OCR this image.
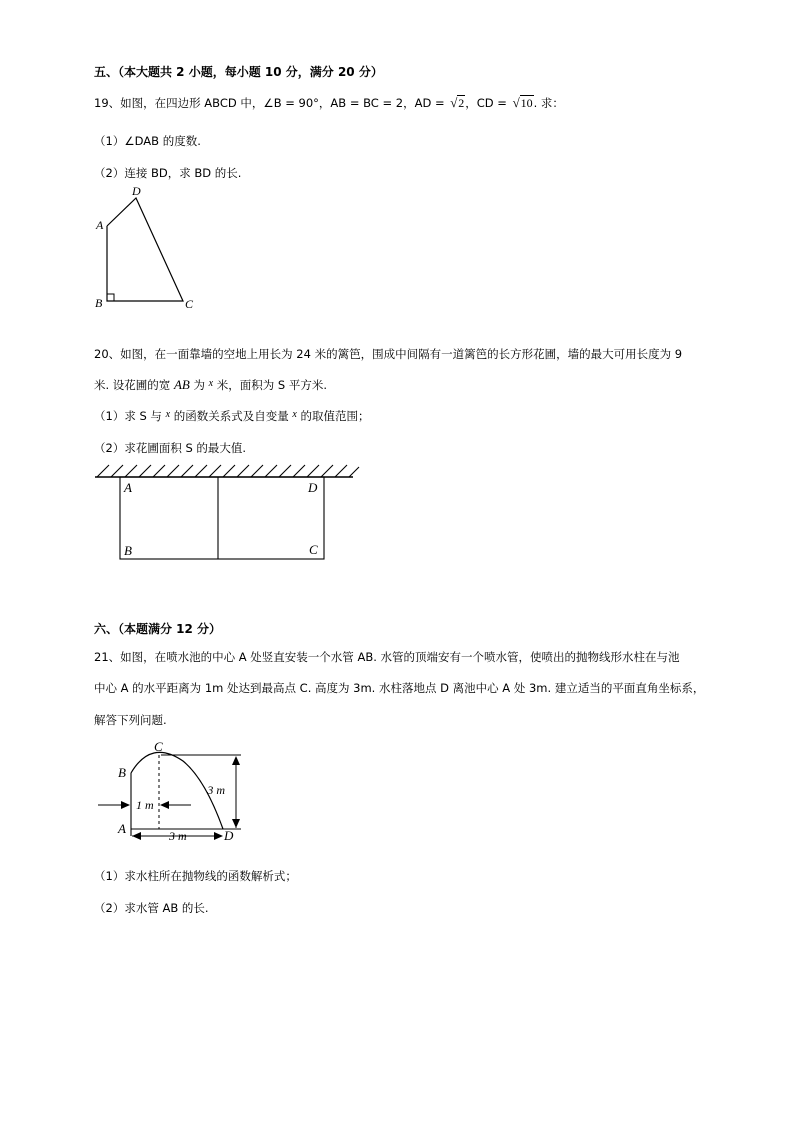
五、（本大题共 2 小题，每小题 10 分，满分 20 分）
19、如图，在四边形 ABCD 中，∠B = 90°，AB = BC = 2，AD = √ 2，CD = √ 10. 求：
（1）∠DAB 的度数.
（2）连接 BD，求 BD 的长.
D
A
B	C
20、如图，在一面靠墙的空地上用长为 24 米的篱笆，围成中间隔有一道篱笆的长方形花圃，墙的最大可用长度为 9
米. 设花圃的宽 AB 为 x 米，面积为 S 平方米.
（1）求 S 与 x 的函数关系式及自变量 x 的取值范围；
（2）求花圃面积 S 的最大值.
A	D
B	C
六、（本题满分 12 分）
21、如图，在喷水池的中心 A 处竖直安装一个水管 AB. 水管的顶端安有一个喷水管，使喷出的抛物线形水柱在与池
中心 A 的水平距离为 1m 处达到最高点 C. 高度为 3m. 水柱落地点 D 离池中心 A 处 3m. 建立适当的平面直角坐标系，
解答下列问题.
C
B
A	D
3 m
1 m
3 m
（1）求水柱所在抛物线的函数解析式；
（2）求水管 AB 的长.
